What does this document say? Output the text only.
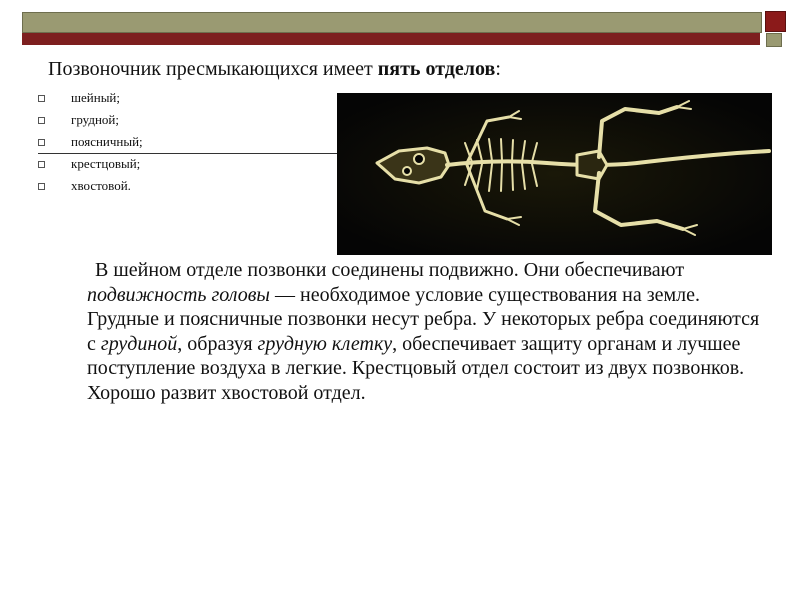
Позвоночник пресмыкающихся имеет пять отделов:
шейный;
грудной;
поясничный;
крестцовый;
хвостовой.

В шейном отделе позвонки соединены подвижно. Они обеспечивают подвижность головы — необходимое условие существования на земле. Грудные и поясничные позвонки несут ребра. У некоторых ребра соединяются с грудиной, образуя грудную клетку, обеспечивает защиту органам и лучшее поступление воздуха в легкие. Крестцовый отдел состоит из двух позвонков. Хорошо развит хвостовой отдел.
